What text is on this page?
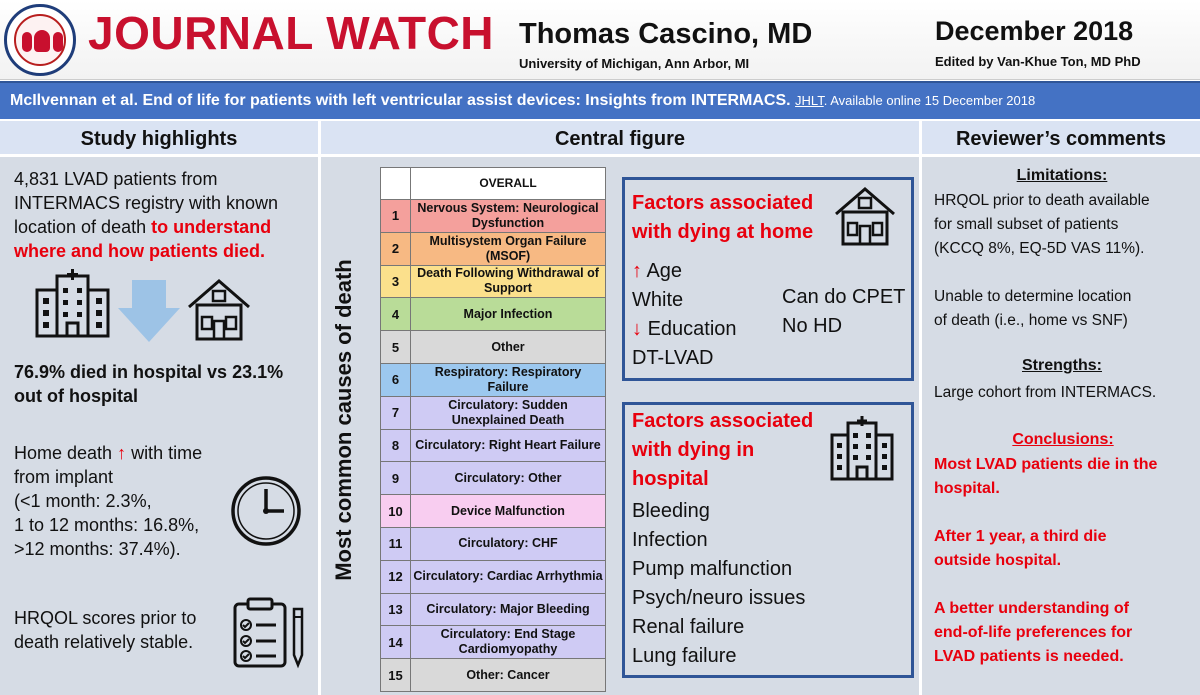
JOURNAL WATCH Thomas Cascino, MD
University of Michigan, Ann Arbor, MI
December 2018
Edited by Van-Khue Ton, MD PhD
McIlvennan et al. End of life for patients with left ventricular assist devices: Insights from INTERMACS. JHLT. Available online 15 December 2018
Study highlights
4,831 LVAD patients from INTERMACS registry with known location of death to understand where and how patients died.
76.9% died in hospital vs 23.1% out of hospital
Home death ↑ with time
from implant
(<1 month: 2.3%,
1 to 12 months: 16.8%,
>12 months: 37.4%).
HRQOL scores prior to
death relatively stable.
Central figure
Most common causes of death
	OVERALL
1	Nervous System: Neurological Dysfunction
2	Multisystem Organ Failure (MSOF)
3	Death Following Withdrawal of Support
4	Major Infection
5	Other
6	Respiratory: Respiratory Failure
7	Circulatory: Sudden Unexplained Death
8	Circulatory: Right Heart Failure
9	Circulatory: Other
10	Device Malfunction
11	Circulatory: CHF
12	Circulatory: Cardiac Arrhythmia
13	Circulatory: Major Bleeding
14	Circulatory: End Stage Cardiomyopathy
15	Other: Cancer
Factors associated
with dying at home
↑ Age
White
↓ Education
DT-LVAD
Can do CPET
No HD
Factors associated
with dying in
hospital
Bleeding
Infection
Pump malfunction
Psych/neuro issues
Renal failure
Lung failure
Reviewer’s comments
Limitations:
HRQOL prior to death available
for small subset of patients
(KCCQ 8%, EQ-5D VAS 11%).
Unable to determine location
of death (i.e., home vs SNF)
Strengths:
Large cohort from INTERMACS.
Conclusions:
Most LVAD patients die in the
hospital.
After 1 year, a third die
outside hospital.
A better understanding of
end-of-life preferences for
LVAD patients is needed.
